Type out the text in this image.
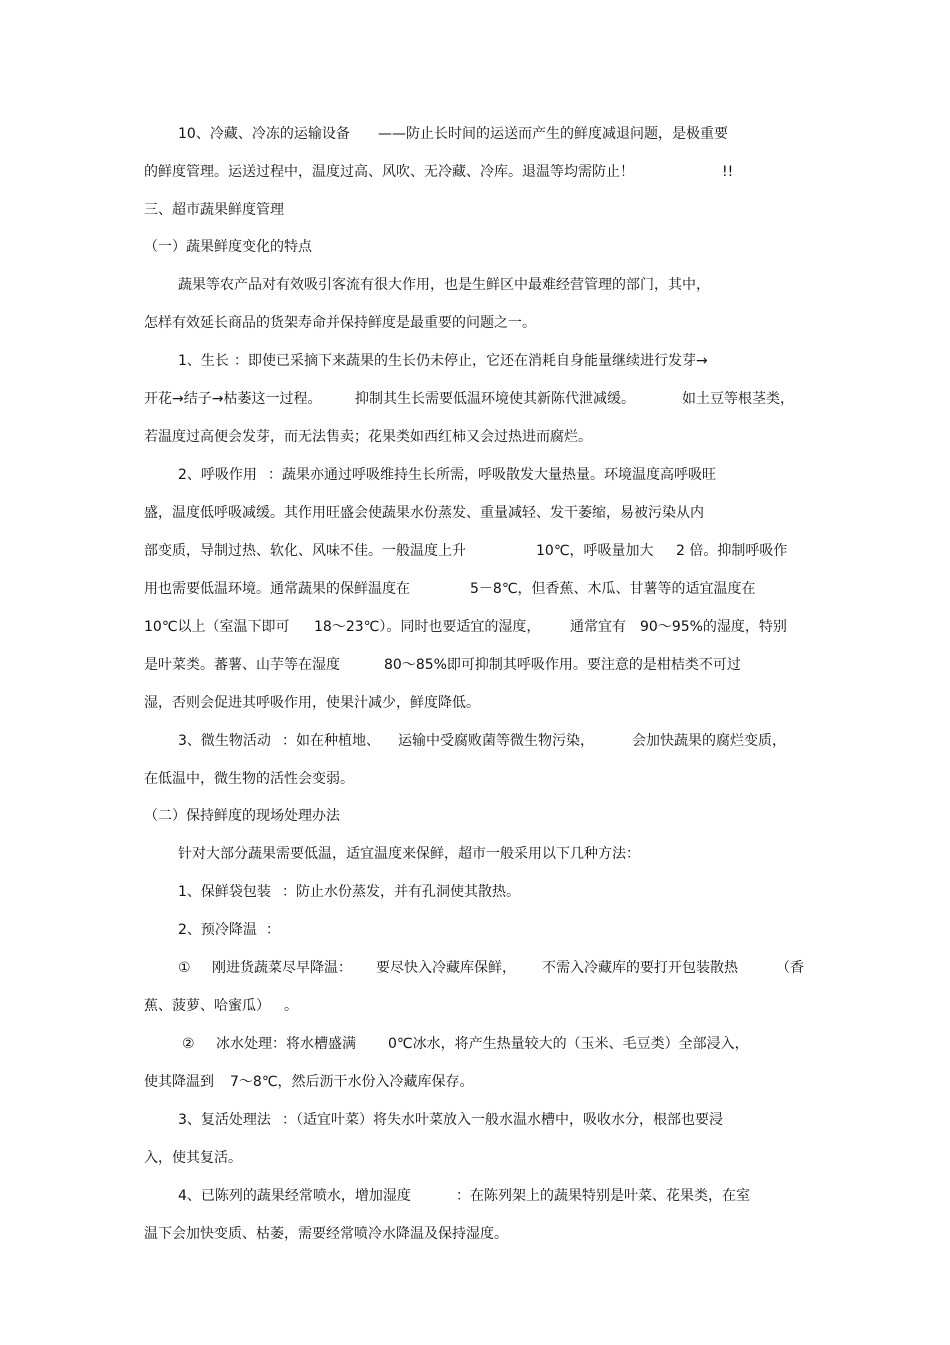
10、冷藏、冷冻的运输设备 ——防止长时间的运送而产生的鲜度减退问题，是极重要
的鲜度管理。运送过程中，温度过高、风吹、无冷藏、冷库。退温等均需防止！	!!
三、超市蔬果鲜度管理
（一）蔬果鲜度变化的特点
蔬果等农产品对有效吸引客流有很大作用，也是生鲜区中最难经营管理的部门，其中，
怎样有效延长商品的货架寿命并保持鲜度是最重要的问题之一。
1、生长 ：即使已采摘下来蔬果的生长仍未停止，它还在消耗自身能量继续进行发芽→
开花→结子→枯萎这一过程。 抑制其生长需要低温环境使其新陈代泄减缓。	如土豆等根茎类，
若温度过高便会发芽，而无法售卖；花果类如西红柿又会过热进而腐烂。
2、呼吸作用 ：蔬果亦通过呼吸维持生长所需，呼吸散发大量热量。环境温度高呼吸旺
盛，温度低呼吸减缓。其作用旺盛会使蔬果水份蒸发、重量减轻、发干萎缩，易被污染从内
部变质，导制过热、软化、风味不佳。一般温度上升	10℃，呼吸量加大 2 倍。抑制呼吸作
用也需要低温环境。通常蔬果的保鲜温度在	5－8℃，但香蕉、木瓜、甘薯等的适宜温度在
10℃以上（室温下即可 18～23℃）。同时也要适宜的湿度， 通常宜有 90～95%的湿度，特别
是叶菜类。蕃薯、山芋等在湿度	80～85%即可抑制其呼吸作用。要注意的是柑桔类不可过
湿，否则会促进其呼吸作用，使果汁减少，鲜度降低。
3、微生物活动 ：如在种植地、 运输中受腐败菌等微生物污染，	会加快蔬果的腐烂变质，
在低温中，微生物的活性会变弱。
（二）保持鲜度的现场处理办法
针对大部分蔬果需要低温，适宜温度来保鲜，超市一般采用以下几种方法：
1、保鲜袋包装 ：防止水份蒸发，并有孔洞使其散热。
2、预冷降温 ：
① 刚进货蔬菜尽早降温： 要尽快入冷藏库保鲜， 不需入冷藏库的要打开包装散热	（香
蕉、菠萝、哈蜜瓜） 。
② 冰水处理：将水槽盛满 0℃冰水，将产生热量较大的（玉米、毛豆类）全部浸入，
使其降温到 7～8℃，然后沥干水份入冷藏库保存。
3、复活处理法 ：（适宜叶菜）将失水叶菜放入一般水温水槽中，吸收水分，根部也要浸
入，使其复活。
4、已陈列的蔬果经常喷水，增加湿度	：在陈列架上的蔬果特别是叶菜、花果类，在室
温下会加快变质、枯萎，需要经常喷冷水降温及保持湿度。
